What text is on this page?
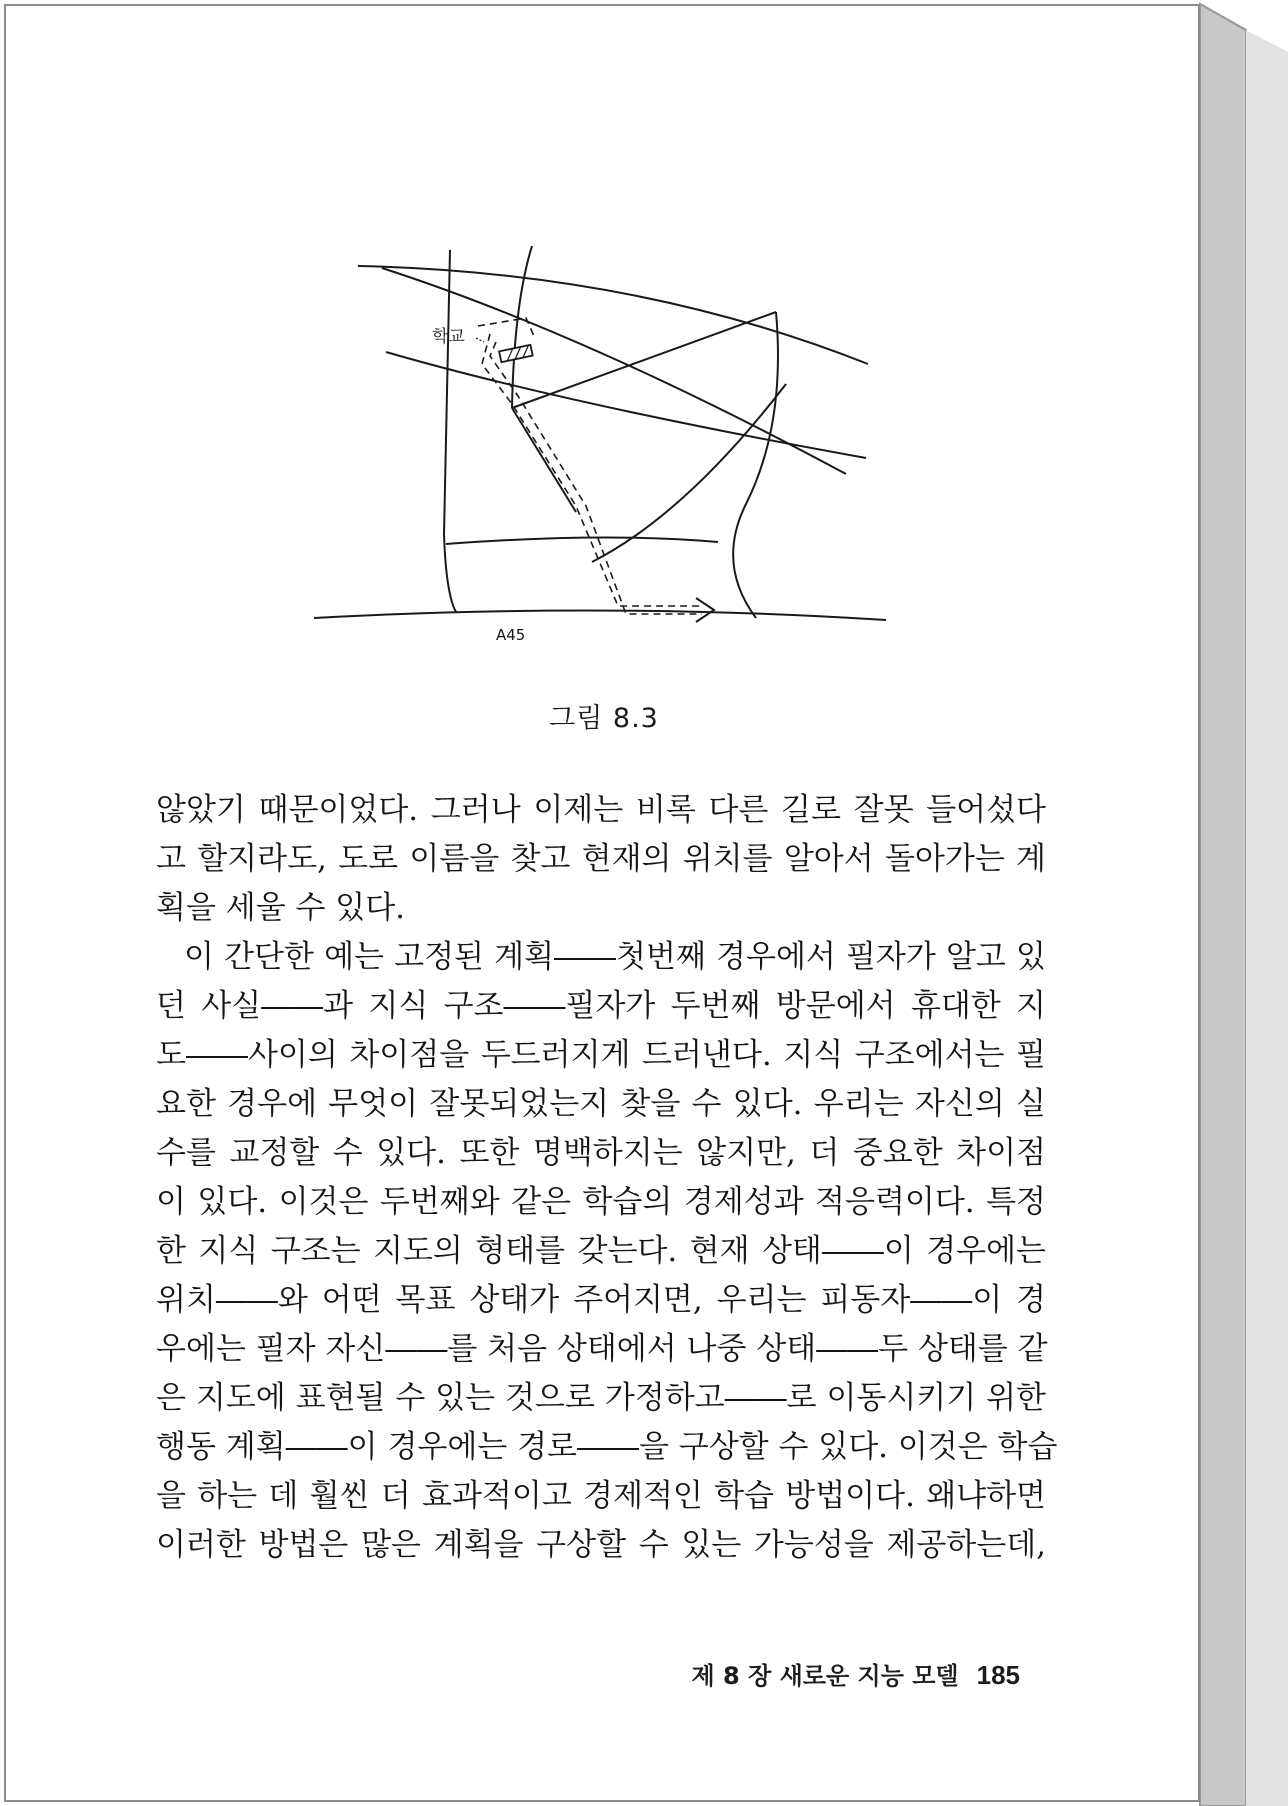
학교
A45
그림 8.3
않았기 때문이었다. 그러나 이제는 비록 다른 길로 잘못 들어섰다
고 할지라도, 도로 이름을 찾고 현재의 위치를 알아서 돌아가는 계
획을 세울 수 있다.
이 간단한 예는 고정된 계획――첫번째 경우에서 필자가 알고 있
던 사실――과 지식 구조――필자가 두번째 방문에서 휴대한 지
도――사이의 차이점을 두드러지게 드러낸다. 지식 구조에서는 필
요한 경우에 무엇이 잘못되었는지 찾을 수 있다. 우리는 자신의 실
수를 교정할 수 있다. 또한 명백하지는 않지만, 더 중요한 차이점
이 있다. 이것은 두번째와 같은 학습의 경제성과 적응력이다. 특정
한 지식 구조는 지도의 형태를 갖는다. 현재 상태――이 경우에는
위치――와 어떤 목표 상태가 주어지면, 우리는 피동자――이 경
우에는 필자 자신――를 처음 상태에서 나중 상태――두 상태를 같
은 지도에 표현될 수 있는 것으로 가정하고――로 이동시키기 위한
행동 계획――이 경우에는 경로――을 구상할 수 있다. 이것은 학습
을 하는 데 훨씬 더 효과적이고 경제적인 학습 방법이다. 왜냐하면
이러한 방법은 많은 계획을 구상할 수 있는 가능성을 제공하는데,
제 8 장 새로운 지능 모델 185
